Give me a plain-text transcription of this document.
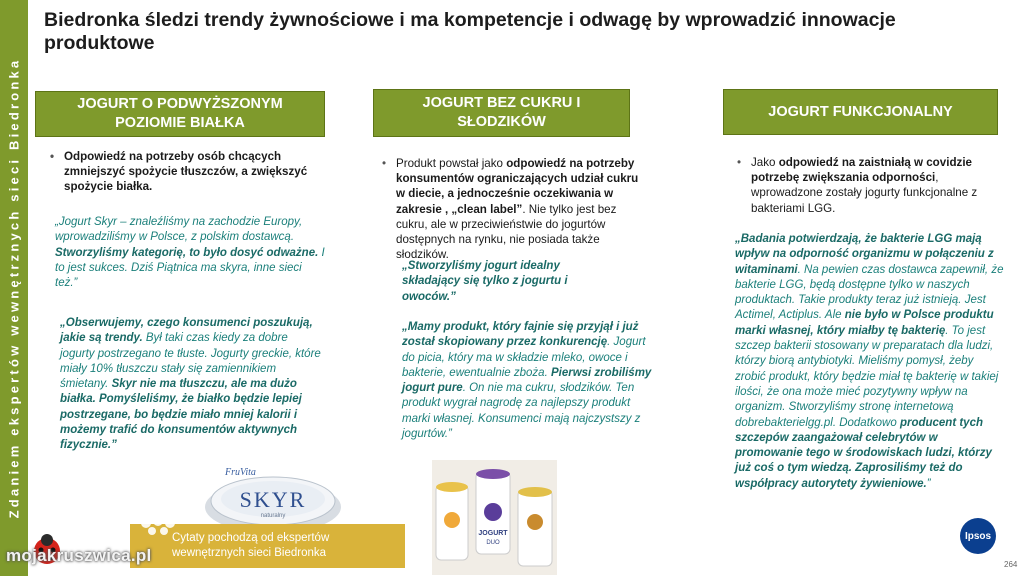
Zdaniem ekspertów wewnętrznych sieci Biedronka
Biedronka śledzi trendy żywnościowe i ma kompetencje i odwagę by wprowadzić innowacje produktowe
JOGURT O PODWYŻSZONYM POZIOMIE BIAŁKA
• Odpowiedź na potrzeby osób chcących zmniejszyć spożycie tłuszczów, a zwiększyć spożycie białka.
„Jogurt Skyr – znaleźliśmy na zachodzie Europy, wprowadziliśmy w Polsce, z polskim dostawcą. Stworzyliśmy kategorię, to było dosyć odważne. I to jest sukces. Dziś Piątnica ma skyra, inne sieci też.”
„Obserwujemy, czego konsumenci poszukują, jakie są trendy. Był taki czas kiedy za dobre jogurty postrzegano te tłuste. Jogurty greckie, które miały 10% tłuszczu stały się zamiennikiem śmietany. Skyr nie ma tłuszczu, ale ma dużo białka. Pomyśleliśmy, że białko będzie lepiej postrzegane, bo będzie miało mniej kalorii i możemy trafić do konsumentów aktywnych fizycznie.”
JOGURT BEZ CUKRU I SŁODZIKÓW
• Produkt powstał jako odpowiedź na potrzeby konsumentów ograniczających udział cukru w diecie, a jednocześnie oczekiwania w zakresie , „clean label”. Nie tylko jest bez cukru, ale w przeciwieństwie do jogurtów dostępnych na rynku, nie posiada także słodzików.
„Stworzyliśmy jogurt idealny składający się tylko z jogurtu i owoców.”
„Mamy produkt, który fajnie się przyjął i już został skopiowany przez konkurencję. Jogurt do picia, który ma w składzie mleko, owoce i bakterie, ewentualnie zboża. Pierwsi zrobiliśmy jogurt pure. On nie ma cukru, słodzików. Ten produkt wygrał nagrodę za najlepszy produkt marki własnej. Konsumenci mają najczystszy z jogurtów.”
JOGURT FUNKCJONALNY
• Jako odpowiedź na zaistniałą w covidzie potrzebę zwiększania odporności, wprowadzone zostały jogurty funkcjonalne z bakteriami LGG.
„Badania potwierdzają, że bakterie LGG mają wpływ na odporność organizmu w połączeniu z witaminami. Na pewien czas dostawca zapewnił, że bakterie LGG, będą dostępne tylko w naszych produktach. Takie produkty teraz już istnieją. Jest Actimel, Actiplus. Ale nie było w Polsce produktu marki własnej, który miałby tę bakterię. To jest szczep bakterii stosowany w preparatach dla ludzi, którzy biorą antybiotyki. Mieliśmy pomysł, żeby zrobić produkt, który będzie miał tę bakterię w takiej ilości, że ona może mieć pozytywny wpływ na organizm. Stworzyliśmy stronę internetową dobrebakterielgg.pl. Dodatkowo producent tych szczepów zaangażował celebrytów w promowanie tego w środowiskach ludzi, którzy już coś o tym wiedzą. Zaprosiliśmy też do współpracy autorytety żywieniowe.”
FruVita
SKYR
naturalny
JOGURT
DUO
Cytaty pochodzą od ekspertów
wewnętrznych sieci Biedronka
mojakruszwica.pl
Ipsos
264
